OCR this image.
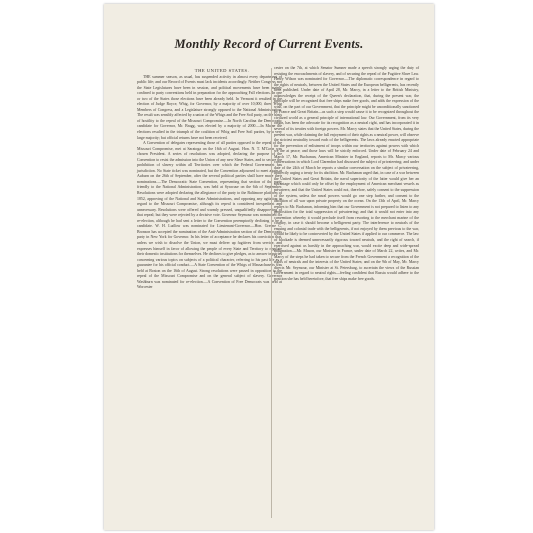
Monthly Record of Current Events.
THE UNITED STATES.

THE summer season, as usual, has suspended activity in almost every department of public life; and our Record of Events must lack incidents accordingly. Neither Congress nor the State Legislatures have been in session, and political movements have been mainly confined to party conventions held in preparation for the approaching Fall elections. In one or two of the States those elections have been already held. In Vermont it resulted in the election of Judge Royce, Whig, for Governor, by a majority of over 10,000, three Whig Members of Congress, and a Legislature strongly opposed to the National Administration. The result was sensibly affected by a union of the Whigs and the Free Soil party, on the basis of hostility to the repeal of the Missouri Compromise.—In North Carolina the Democratic candidate for Governor, Mr. Bragg, was elected by a majority of 2000.—In Maine the elections resulted in the triumph of the coalition of Whig and Free Soil parties, by a very large majority; but official returns have not been received.

A Convention of delegates representing those of all parties opposed to the repeal of the Missouri Compromise, met at Saratoga on the 16th of August. Hon. N. T. M'Coun was chosen President. A series of resolutions was adopted, declaring the purpose of the Convention to resist the admission into the Union of any new Slave States, and to secure the prohibition of slavery within all Territories over which the Federal Government has jurisdiction. No State ticket was nominated, but the Convention adjourned to meet again at Auburn on the 26th of September, after the several political parties shall have made their nominations.—The Democratic State Convention, representing that section of the party friendly to the National Administration, was held at Syracuse on the 6th of September. Resolutions were adopted declaring the allegiance of the party to the Baltimore platform of 1852, approving of the National and State Administrations, and opposing any agitation in regard to the Missouri Compromise, although its repeal is considered inexpedient and unnecessary. Resolutions were offered and warmly pressed, unqualifiedly disapproving of that repeal; but they were rejected by a decisive vote. Governor Seymour was nominated for re-election, although he had sent a letter to the Convention peremptorily declining to be a candidate. W. H. Ludlow was nominated for Lieutenant-Governor.—Hon. Greene C. Bronson has accepted the nomination of the Anti-Administration section of the Democratic party in New York for Governor. In his letter of acceptance he declares his conviction that, unless we wish to dissolve the Union, we must deliver up fugitives from service, and expresses himself in favor of allowing the people of every State and Territory to regulate their domestic institutions for themselves. He declines to give pledges, as to answer inquiries concerning various topics on subjects of a political character, referring to his past life as a guarantee for his official conduct.—A State Convention of the Whigs of Massachusetts was held at Boston on the 16th of August. Strong resolutions were passed in opposition to the repeal of the Missouri Compromise and on the general subject of slavery. Governor Washburn was nominated for re-election.—A Convention of Free Democrats was held at Worcester

cester on the 7th, at which Senator Sumner made a speech strongly urging the duty of resisting the encroachments of slavery, and of securing the repeal of the Fugitive Slave Law. Henry Wilson was nominated for Governor.—The diplomatic correspondence in regard to the rights of neutrals, between the United States and the European belligerents, has recently been published. Under date of April 28, Mr. Marcy, in a letter to the British Ministry, acknowledges the receipt of the Queen's declaration, that, during the present war, the principle will be recognized that free ships make free goods, and adds the expression of the wish, on the part of our Government, that the principle might be unconditionally sanctioned by France and Great Britain—as such a step would cause it to be recognized throughout the civilized world as a general principle of international law. Our Government, from its very origin, has been the advocate for its recognition as a neutral right, and has incorporated it in several of its treaties with foreign powers. Mr. Marcy states that the United States, during the present war, while claiming the full enjoyment of their rights as a neutral power, will observe the strictest neutrality toward each of the belligerents. The laws already enacted appropriate for the prevention of enlistment of troops within our territories against powers with which we are at peace; and those laws will be strictly enforced. Under date of February 24 and March 17, Mr. Buchanan, American Minister in England, reports to Mr. Marcy various conversations in which Lord Clarendon had discussed the subject of privateering; and under date of the 24th of March he reports a similar conversation on the subject of privateering, indirectly urging a treaty for its abolition. Mr. Buchanan urged that, in case of a war between the United States and Great Britain, the naval superiority of the latter would give her an advantage which could only be offset by the employment of American merchant vessels as privateers; and that the United States could not, therefore, safely consent to the suppression of the system, unless the naval powers would go one step further, and consent to the abolition of all war upon private property on the ocean. On the 13th of April, Mr. Marcy replies to Mr. Buchanan, informing him that our Government is not prepared to listen to any proposition for the total suppression of privateering; and that it would not enter into any convention whereby it would preclude itself from resorting to the merchant marine of the country, in case it should become a belligerent party. The interference to neutrals of the ensuing and colonial trade with the belligerents, if not enjoyed by them previous to the war, would be likely to be controverted by the United States if applied to our commerce. The law of blockade is deemed unnecessarily rigorous toward neutrals, and the right of search, if exercised against us harshly in the approaching war, would excite deep and wide-spread indignation.—Mr. Mason, our Minister in France, under date of March 22, writes, and Mr. Marcy of the steps he had taken to secure from the French Government a recognition of the rights of neutrals and the interests of the United States; and on the 9th of May, Mr. Marcy directs Mr. Seymour, our Minister at St. Petersburg, to ascertain the views of the Russian Government in regard to neutral rights—feeling confident that Russia would adhere to the position she has held heretofore, that free ships make free goods.
